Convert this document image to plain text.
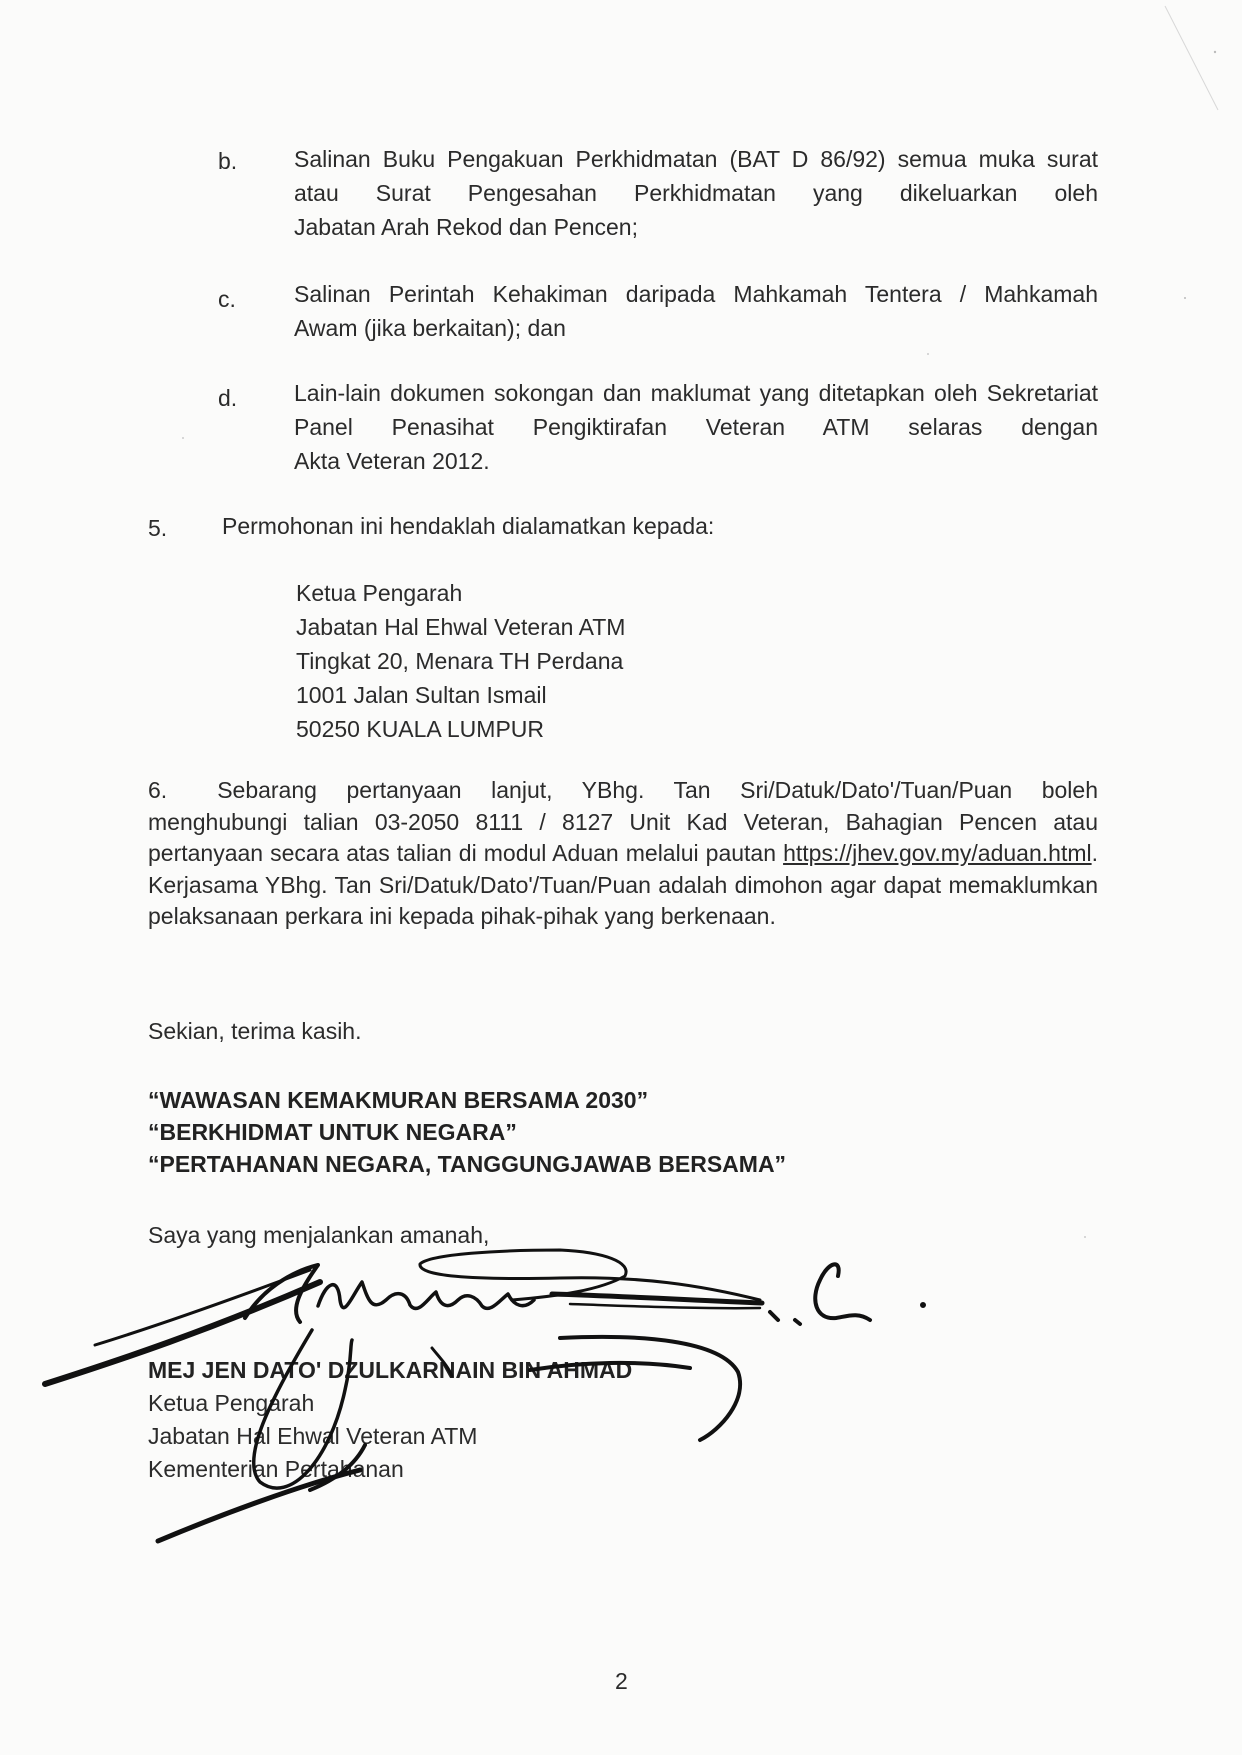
b. Salinan Buku Pengakuan Perkhidmatan (BAT D 86/92) semua muka surat atau Surat Pengesahan Perkhidmatan yang dikeluarkan oleh
Jabatan Arah Rekod dan Pencen;
c.	Salinan Perintah Kehakiman daripada Mahkamah Tentera / Mahkamah
Awam (jika berkaitan); dan
d. Lain-lain dokumen sokongan dan maklumat yang ditetapkan oleh Sekretariat Panel Penasihat Pengiktirafan Veteran ATM selaras dengan
Akta Veteran 2012.
5. Permohonan ini hendaklah dialamatkan kepada:
Ketua Pengarah
Jabatan Hal Ehwal Veteran ATM
Tingkat 20, Menara TH Perdana
1001 Jalan Sultan Ismail
50250 KUALA LUMPUR
6. Sebarang pertanyaan lanjut, YBhg. Tan Sri/Datuk/Dato'/Tuan/Puan boleh menghubungi talian 03-2050 8111 / 8127 Unit Kad Veteran, Bahagian Pencen atau pertanyaan secara atas talian di modul Aduan melalui pautan https://jhev.gov.my/aduan.html. Kerjasama YBhg. Tan Sri/Datuk/Dato'/Tuan/Puan adalah dimohon agar dapat memaklumkan pelaksanaan perkara ini kepada pihak-pihak yang berkenaan.
Sekian, terima kasih.
“WAWASAN KEMAKMURAN BERSAMA 2030”
“BERKHIDMAT UNTUK NEGARA”
“PERTAHANAN NEGARA, TANGGUNGJAWAB BERSAMA”
Saya yang menjalankan amanah,
MEJ JEN DATO' DZULKARNAIN BIN AHMAD
Ketua Pengarah
Jabatan Hal Ehwal Veteran ATM
Kementerian Pertahanan
2
